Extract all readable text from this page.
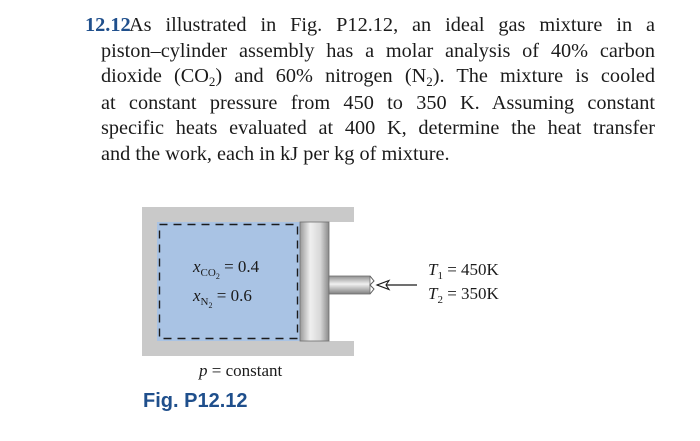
12.12
As illustrated in Fig. P12.12, an ideal gas mixture in a
piston–cylinder assembly has a molar analysis of 40% carbon
dioxide (CO2) and 60% nitrogen (N2). The mixture is cooled
at constant pressure from 450 to 350 K. Assuming constant
specific heats evaluated at 400 K, determine the heat transfer
and the work, each in kJ per kg of mixture.
$x_{CO_2} = 0.4$
$x_{N_2} = 0.6$
$T_1 = 450K$
$T_2 = 350K$
p = constant
Fig. P12.12
